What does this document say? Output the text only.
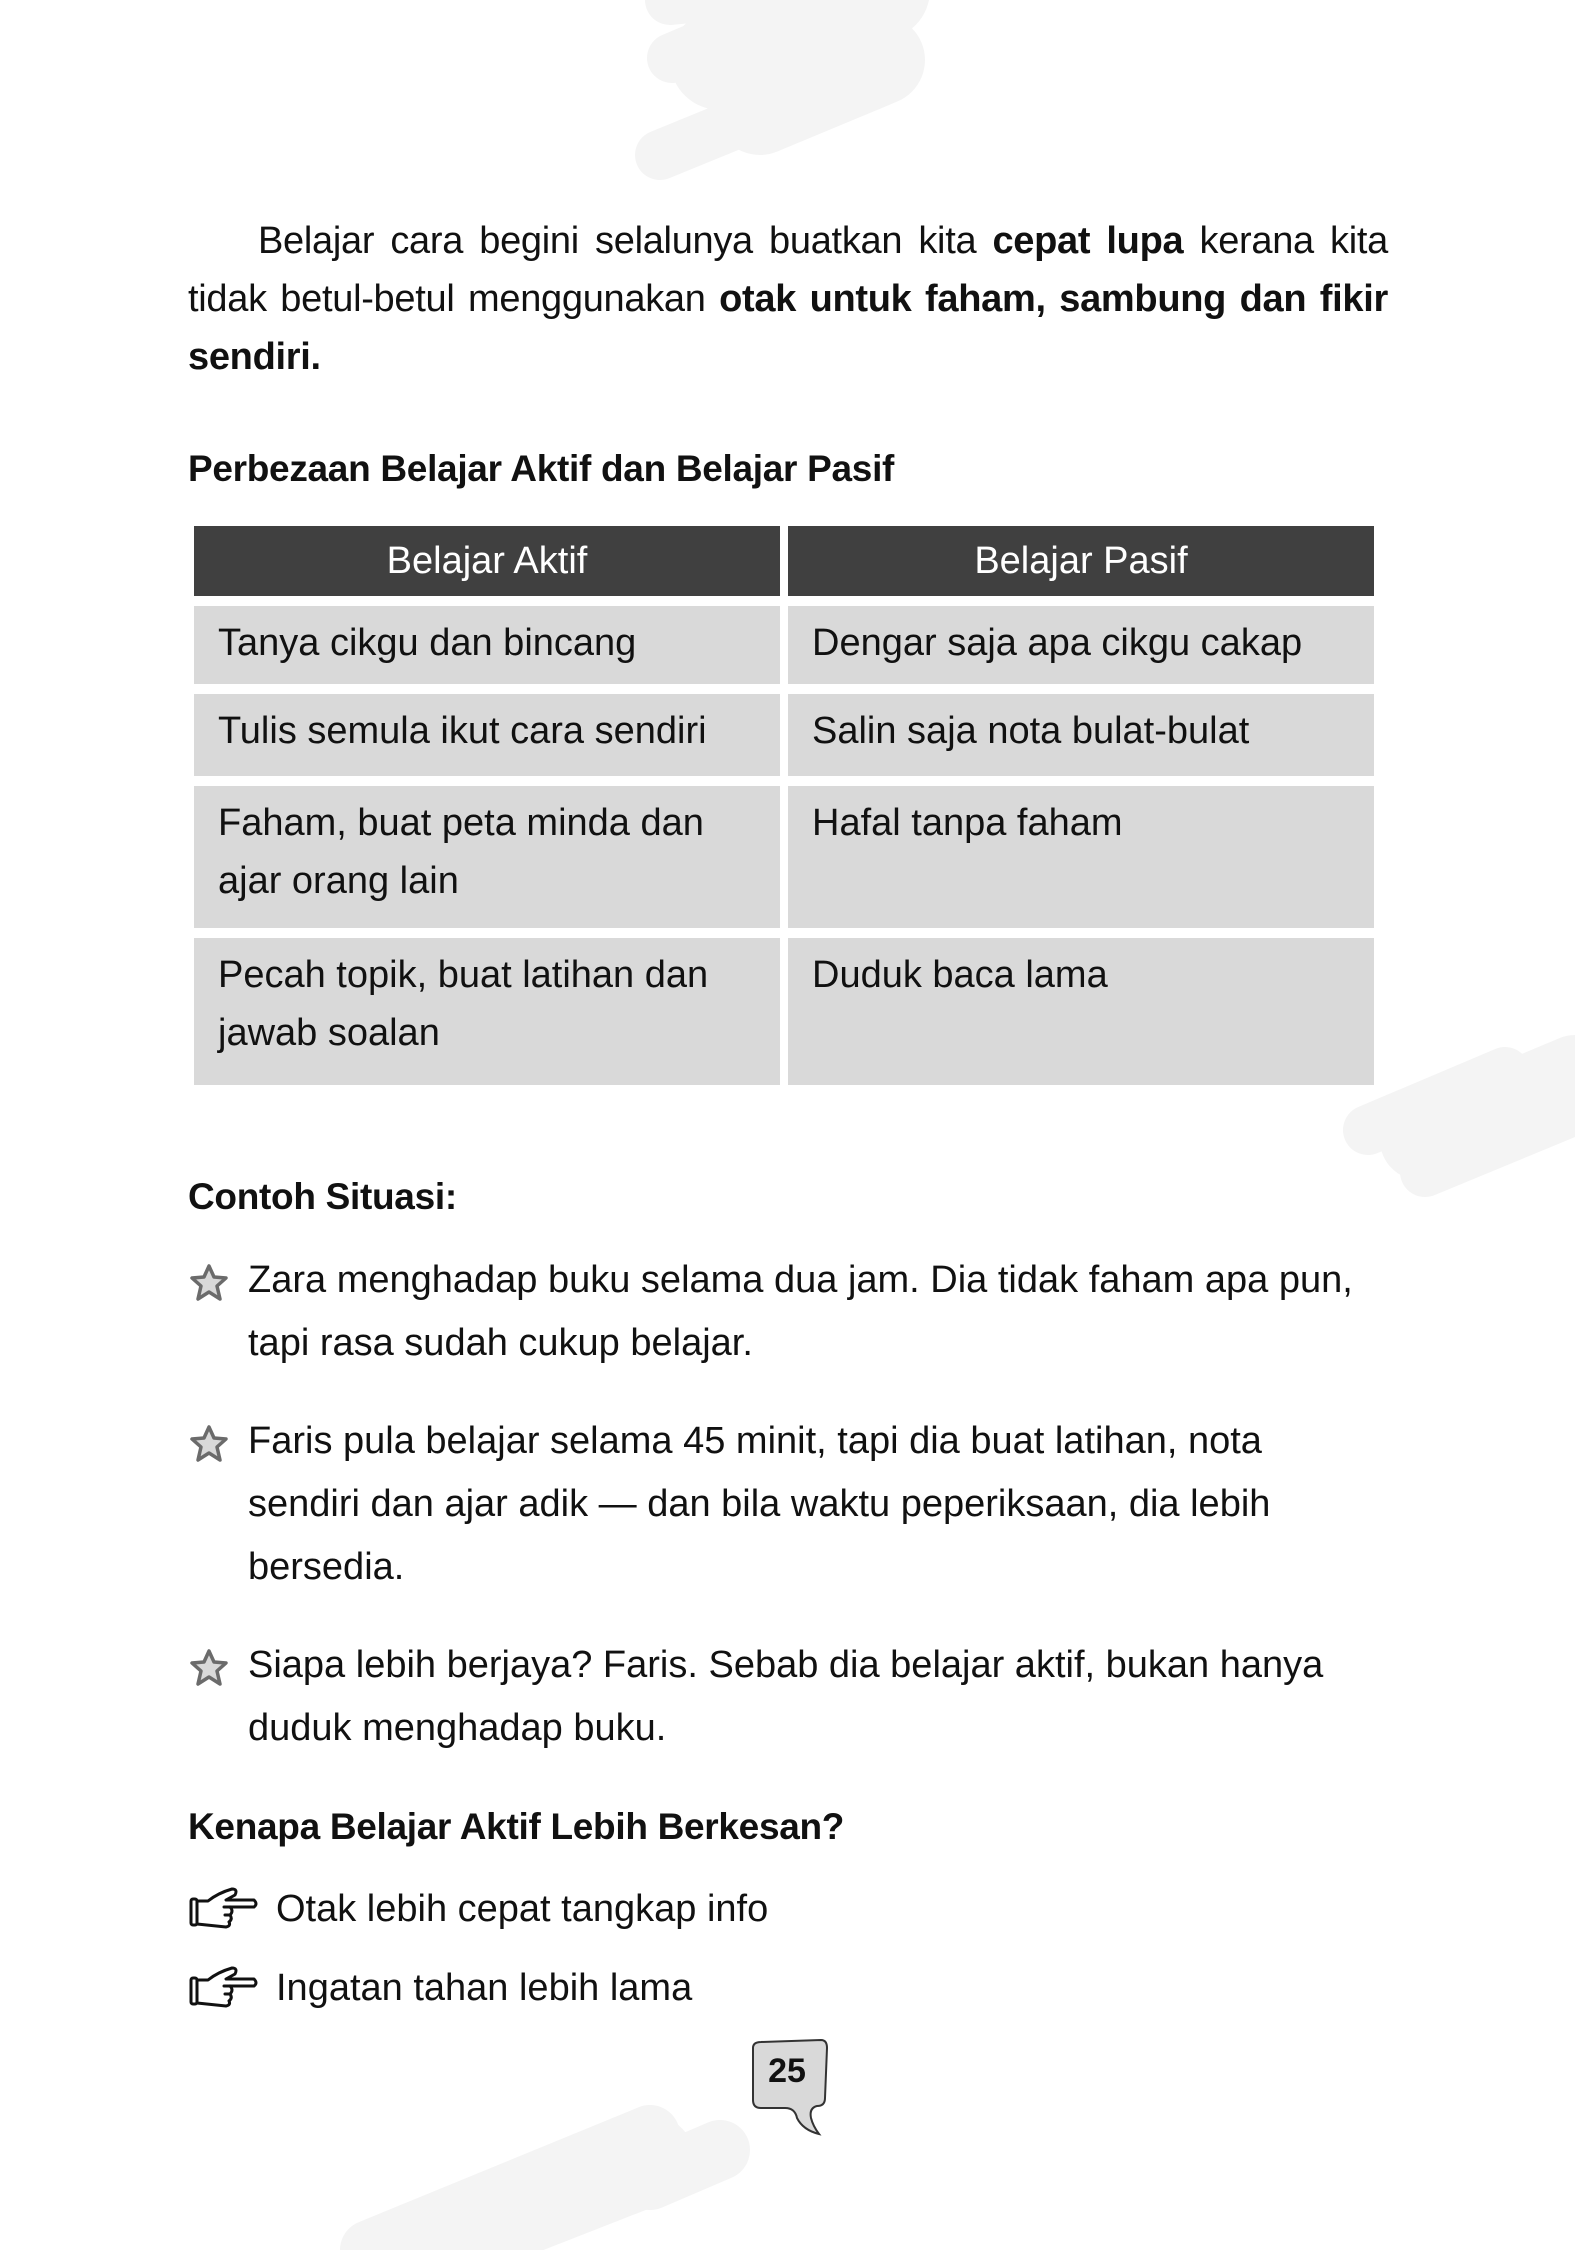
Belajar cara begini selalunya buatkan kita cepat lupa kerana kita tidak betul-betul menggunakan otak untuk faham, sambung dan fikir sendiri.
Perbezaan Belajar Aktif dan Belajar Pasif
Belajar Aktif	Belajar Pasif
Tanya cikgu dan bincang	Dengar saja apa cikgu cakap
Tulis semula ikut cara sendiri	Salin saja nota bulat-bulat
Faham, buat peta minda dan ajar orang lain	Hafal tanpa faham
Pecah topik, buat latihan dan jawab soalan	Duduk baca lama
Contoh Situasi:
Zara menghadap buku selama dua jam. Dia tidak faham apa pun, tapi rasa sudah cukup belajar.
Faris pula belajar selama 45 minit, tapi dia buat latihan, nota sendiri dan ajar adik — dan bila waktu peperiksaan, dia lebih bersedia.
Siapa lebih berjaya? Faris. Sebab dia belajar aktif, bukan hanya duduk menghadap buku.
Kenapa Belajar Aktif Lebih Berkesan?
Otak lebih cepat tangkap info
Ingatan tahan lebih lama
25
